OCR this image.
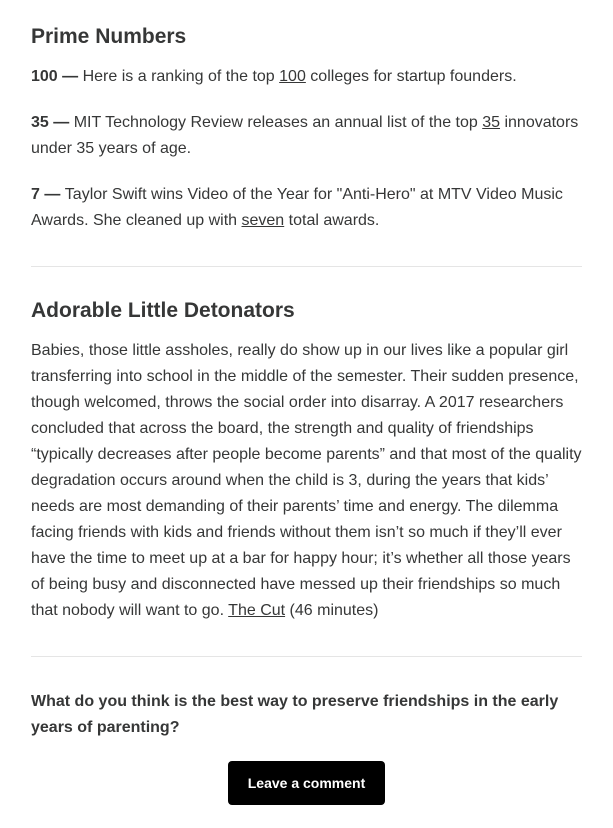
Prime Numbers

100 — Here is a ranking of the top 100 colleges for startup founders.

35 — MIT Technology Review releases an annual list of the top 35 innovators under 35 years of age.

7 — Taylor Swift wins Video of the Year for "Anti-Hero" at MTV Video Music Awards. She cleaned up with seven total awards.

Adorable Little Detonators

Babies, those little assholes, really do show up in our lives like a popular girl transferring into school in the middle of the semester. Their sudden presence, though welcomed, throws the social order into disarray. A 2017 researchers concluded that across the board, the strength and quality of friendships “typically decreases after people become parents” and that most of the quality degradation occurs around when the child is 3, during the years that kids’ needs are most demanding of their parents’ time and energy. The dilemma facing friends with kids and friends without them isn’t so much if they’ll ever have the time to meet up at a bar for happy hour; it’s whether all those years of being busy and disconnected have messed up their friendships so much that nobody will want to go. The Cut (46 minutes)

What do you think is the best way to preserve friendships in the early years of parenting?

Leave a comment
